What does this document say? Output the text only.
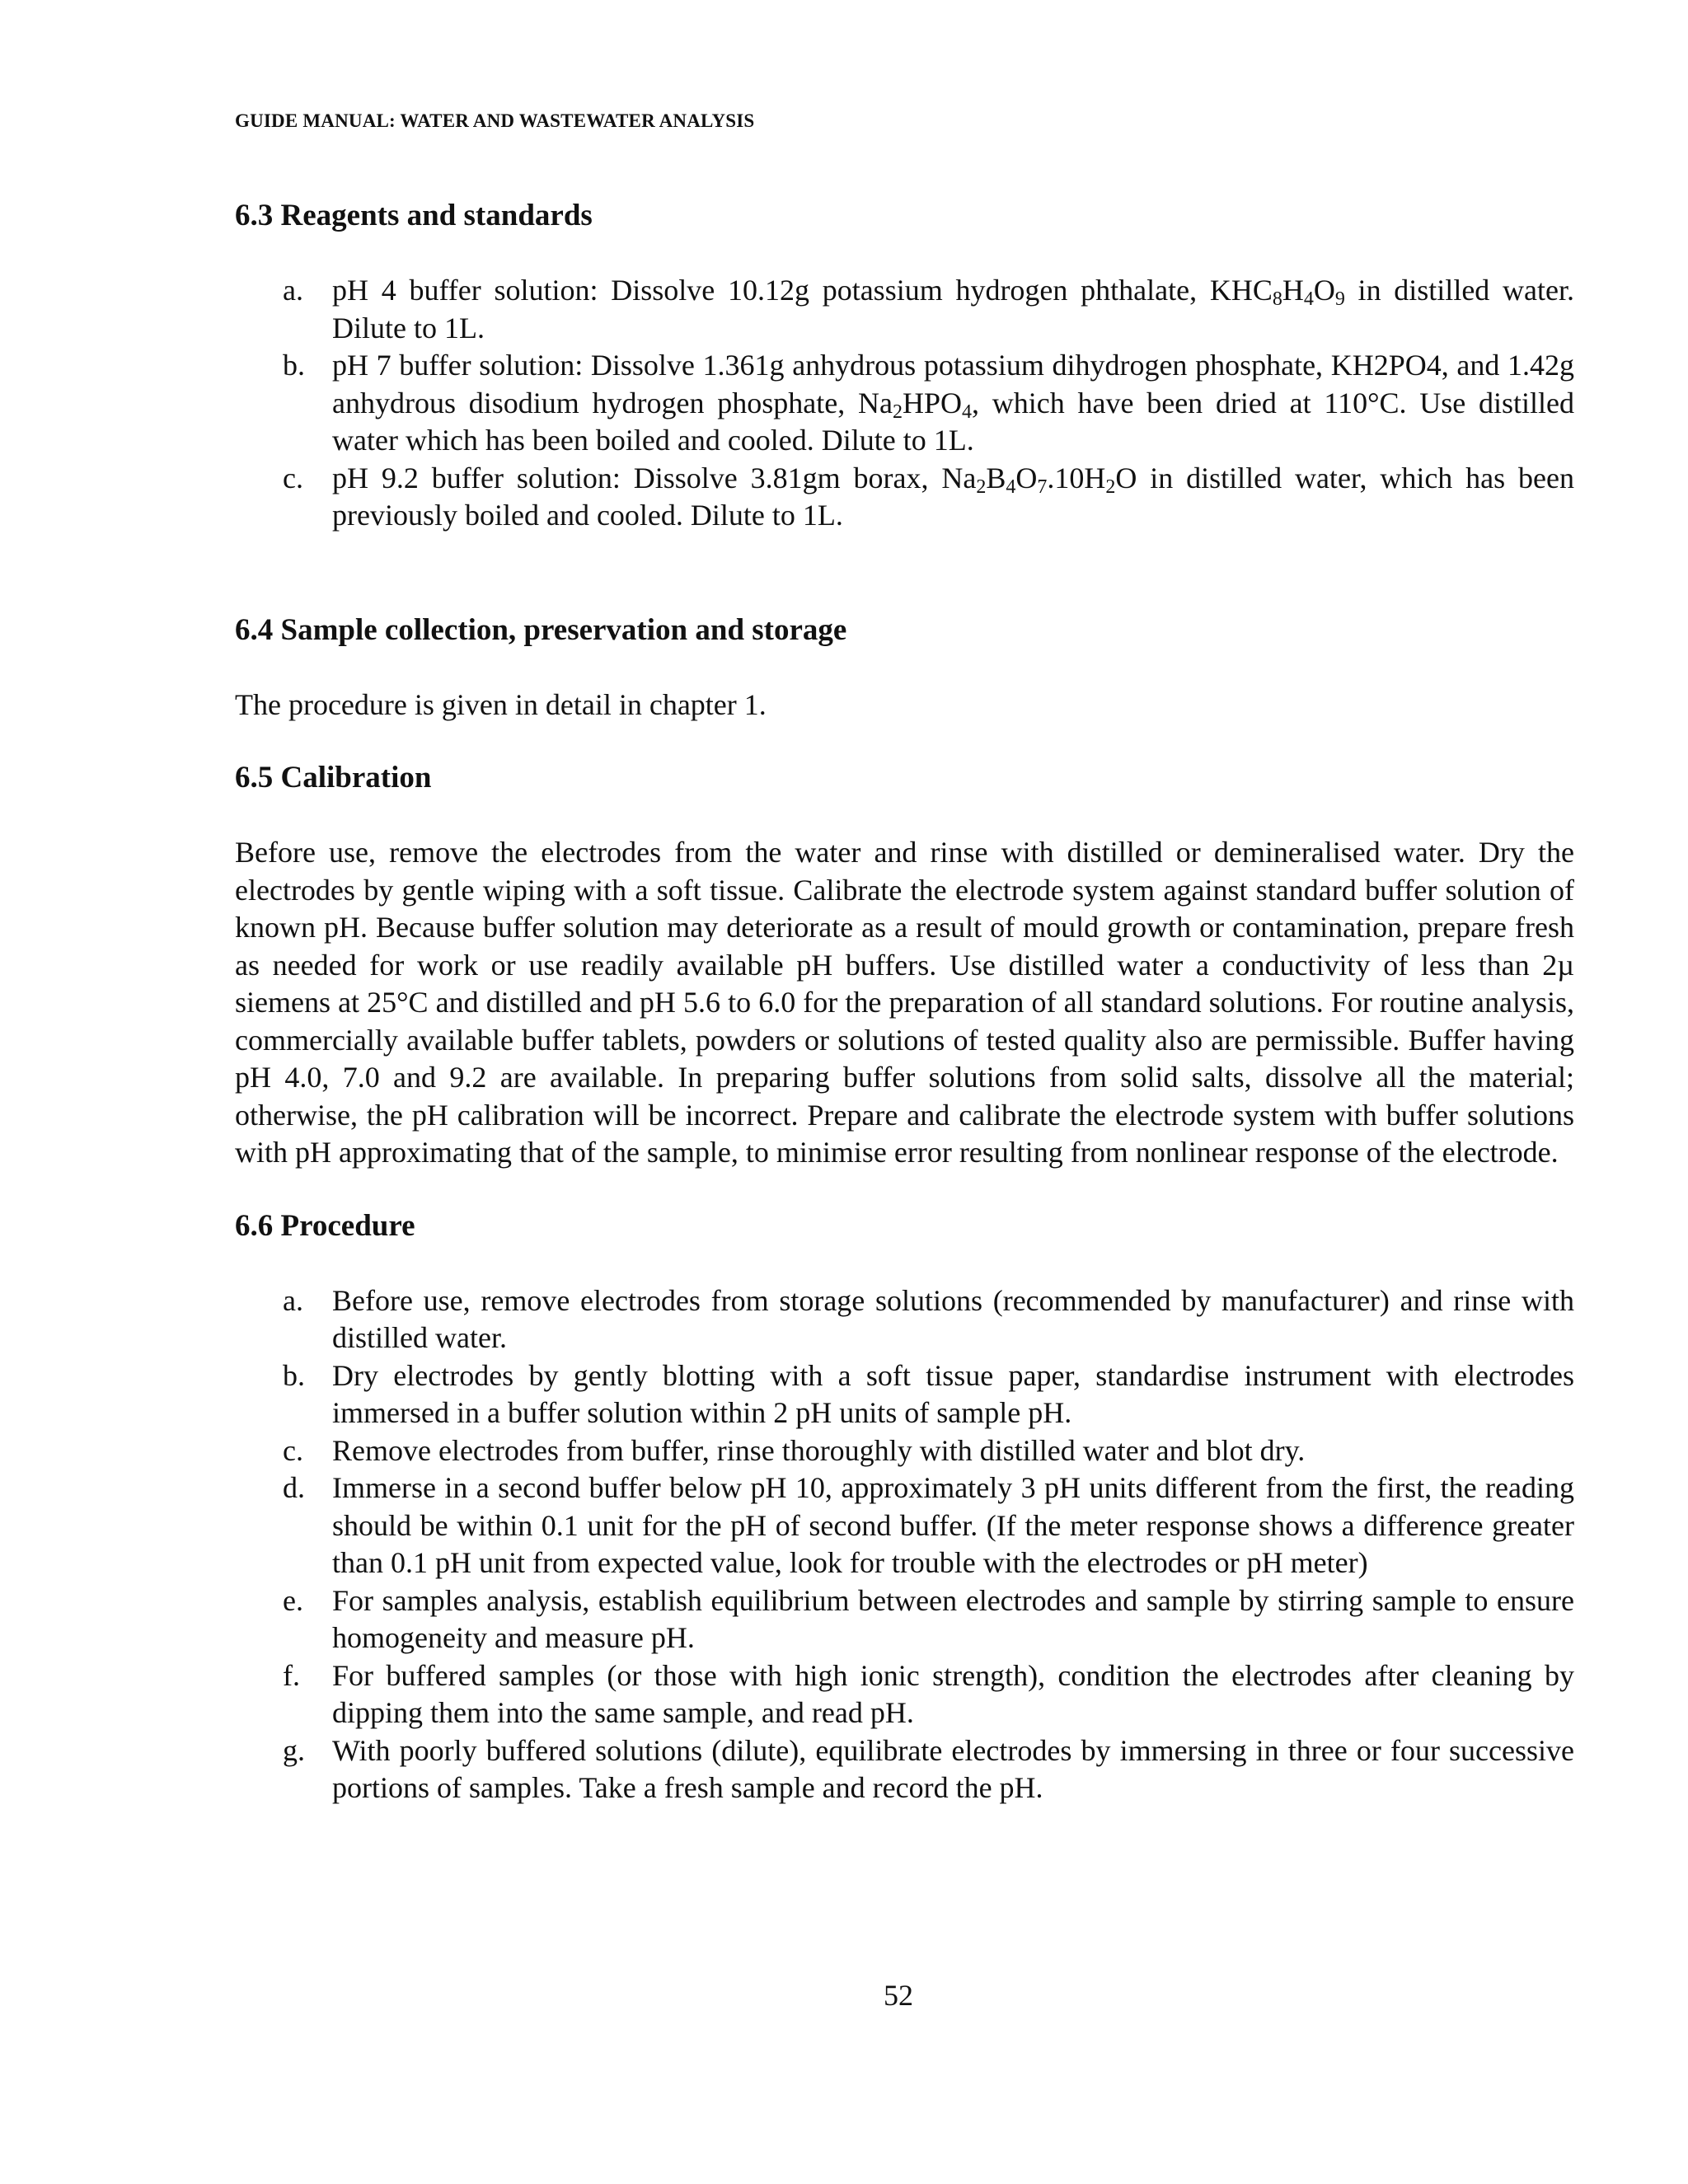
GUIDE MANUAL: WATER AND WASTEWATER ANALYSIS
6.3 Reagents and standards
a. pH 4 buffer solution: Dissolve 10.12g potassium hydrogen phthalate, $KHC_8H_4O_9$ in distilled water. Dilute to 1L.
b. pH 7 buffer solution: Dissolve 1.361g anhydrous potassium dihydrogen phosphate, KH2PO4, and 1.42g anhydrous disodium hydrogen phosphate, $Na_2HPO_4$, which have been dried at 110°C. Use distilled water which has been boiled and cooled. Dilute to 1L.
c. pH 9.2 buffer solution: Dissolve 3.81gm borax, $Na_2B_4O_7.10H_2O$ in distilled water, which has been previously boiled and cooled. Dilute to 1L.
6.4 Sample collection, preservation and storage

The procedure is given in detail in chapter 1.

6.5 Calibration

Before use, remove the electrodes from the water and rinse with distilled or demineralised water. Dry the electrodes by gentle wiping with a soft tissue. Calibrate the electrode system against standard buffer solution of known pH. Because buffer solution may deteriorate as a result of mould growth or contamination, prepare fresh as needed for work or use readily available pH buffers. Use distilled water a conductivity of less than 2µ siemens at 25°C and distilled and pH 5.6 to 6.0 for the preparation of all standard solutions. For routine analysis, commercially available buffer tablets, powders or solutions of tested quality also are permissible. Buffer having pH 4.0, 7.0 and 9.2 are available. In preparing buffer solutions from solid salts, dissolve all the material; otherwise, the pH calibration will be incorrect. Prepare and calibrate the electrode system with buffer solutions with pH approximating that of the sample, to minimise error resulting from nonlinear response of the electrode.

6.6 Procedure
a. Before use, remove electrodes from storage solutions (recommended by manufacturer) and rinse with distilled water.
b. Dry electrodes by gently blotting with a soft tissue paper, standardise instrument with electrodes immersed in a buffer solution within 2 pH units of sample pH.
c. Remove electrodes from buffer, rinse thoroughly with distilled water and blot dry.
d. Immerse in a second buffer below pH 10, approximately 3 pH units different from the first, the reading should be within 0.1 unit for the pH of second buffer. (If the meter response shows a difference greater than 0.1 pH unit from expected value, look for trouble with the electrodes or pH meter)
e. For samples analysis, establish equilibrium between electrodes and sample by stirring sample to ensure homogeneity and measure pH.
f. For buffered samples (or those with high ionic strength), condition the electrodes after cleaning by dipping them into the same sample, and read pH.
g. With poorly buffered solutions (dilute), equilibrate electrodes by immersing in three or four successive portions of samples. Take a fresh sample and record the pH.
52
